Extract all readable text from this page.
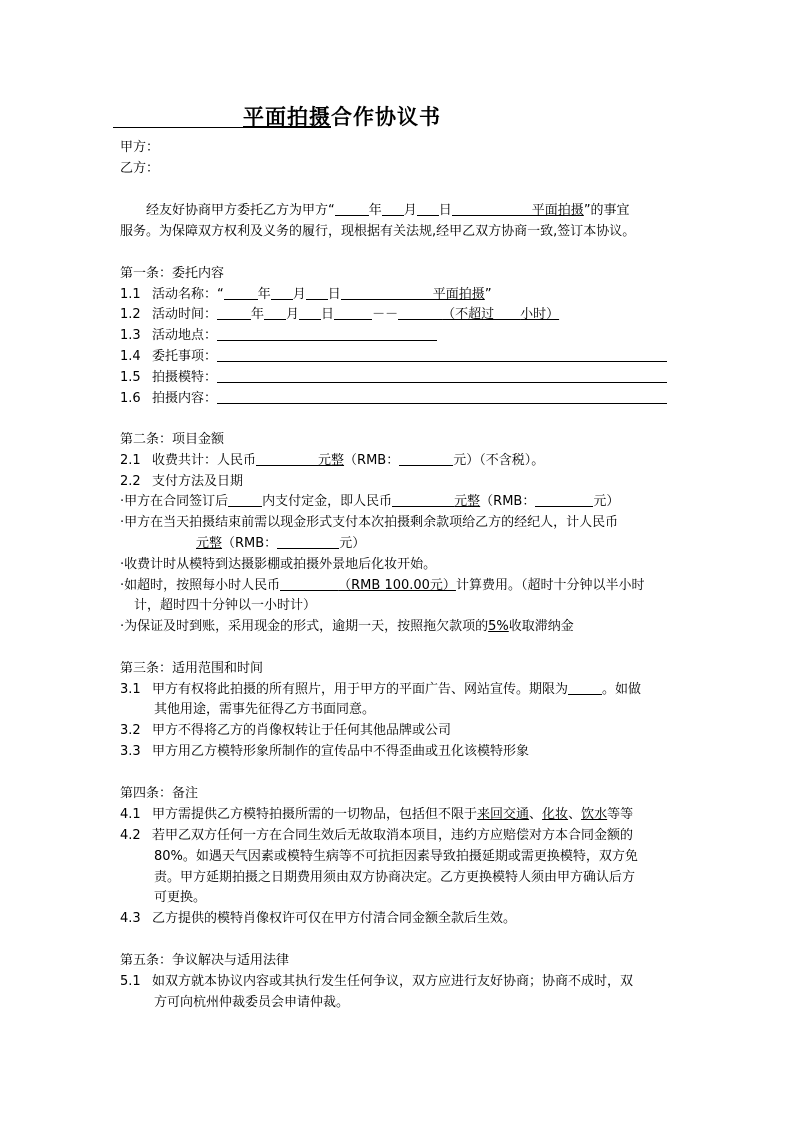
平面拍摄合作协议书
甲方：
乙方：
经友好协商甲方委托乙方为甲方“	年 月 日	平面拍摄”的事宜
服务。为保障双方权利及义务的履行，现根据有关法规,经甲乙双方协商一致,签订本协议。
第一条：委托内容
1.1 活动名称：“	年 月 日	平面拍摄”
1.2 活动时间：	年 月 日	－－	（不超过 小时）
1.3 活动地点：
1.4 委托事项：
1.5 拍摄模特：
1.6 拍摄内容：
第二条：项目金额
2.1 收费共计：人民币	元整（RMB：	元）（不含税）。
2.2 支付方法及日期
·甲方在合同签订后	内支付定金，即人民币	元整（RMB：	元）
·甲方在当天拍摄结束前需以现金形式支付本次拍摄剩余款项给乙方的经纪人，计人民币
元整（RMB：	元）
·收费计时从模特到达摄影棚或拍摄外景地后化妆开始。
·如超时，按照每小时人民币	（RMB 100.00元）计算费用。（超时十分钟以半小时
计，超时四十分钟以一小时计）
·为保证及时到账，采用现金的形式，逾期一天，按照拖欠款项的5%收取滞纳金
第三条：适用范围和时间
3.1 甲方有权将此拍摄的所有照片，用于甲方的平面广告、网站宣传。期限为	。如做
其他用途，需事先征得乙方书面同意。
3.2 甲方不得将乙方的肖像权转让于任何其他品牌或公司
3.3 甲方用乙方模特形象所制作的宣传品中不得歪曲或丑化该模特形象
第四条：备注
4.1 甲方需提供乙方模特拍摄所需的一切物品，包括但不限于来回交通、化妆、饮水等等
4.2 若甲乙双方任何一方在合同生效后无故取消本项目，违约方应赔偿对方本合同金额的
80%。如遇天气因素或模特生病等不可抗拒因素导致拍摄延期或需更换模特，双方免
责。甲方延期拍摄之日期费用须由双方协商决定。乙方更换模特人须由甲方确认后方
可更换。
4.3 乙方提供的模特肖像权许可仅在甲方付清合同金额全款后生效。
第五条：争议解决与适用法律
5.1 如双方就本协议内容或其执行发生任何争议，双方应进行友好协商；协商不成时，双
方可向杭州仲裁委员会申请仲裁。
